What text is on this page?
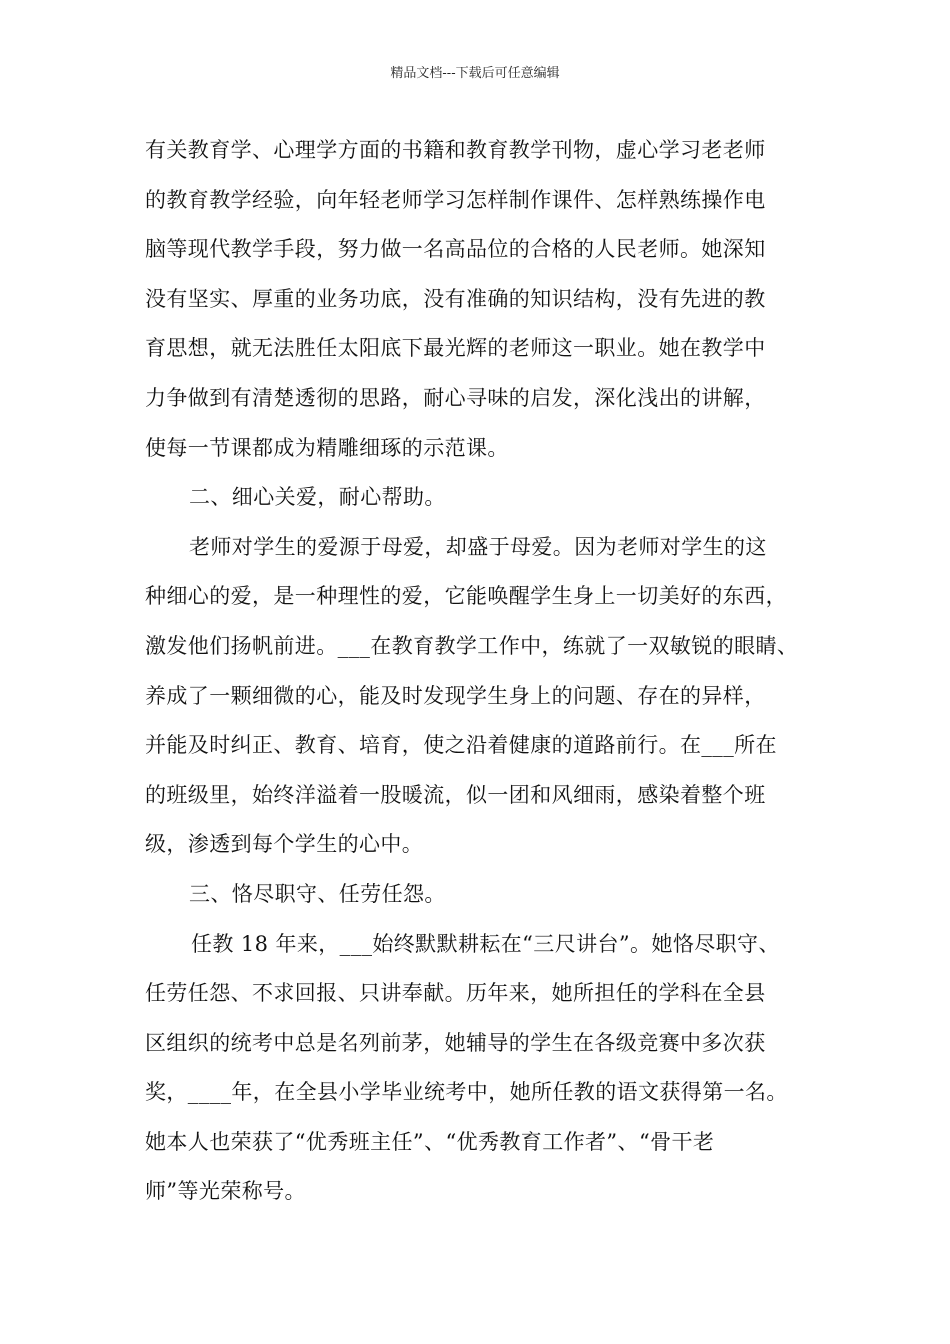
精品文档---下载后可任意编辑
有关教育学、心理学方面的书籍和教育教学刊物，虚心学习老老师
的教育教学经验，向年轻老师学习怎样制作课件、怎样熟练操作电
脑等现代教学手段，努力做一名高品位的合格的人民老师。她深知
没有坚实、厚重的业务功底，没有准确的知识结构，没有先进的教
育思想，就无法胜任太阳底下最光辉的老师这一职业。她在教学中
力争做到有清楚透彻的思路，耐心寻味的启发，深化浅出的讲解，
使每一节课都成为精雕细琢的示范课。
二、细心关爱，耐心帮助。
老师对学生的爱源于母爱，却盛于母爱。因为老师对学生的这
种细心的爱，是一种理性的爱，它能唤醒学生身上一切美好的东西，
激发他们扬帆前进。___在教育教学工作中，练就了一双敏锐的眼睛、
养成了一颗细微的心，能及时发现学生身上的问题、存在的异样，
并能及时纠正、教育、培育，使之沿着健康的道路前行。在___所在
的班级里，始终洋溢着一股暖流，似一团和风细雨，感染着整个班
级，渗透到每个学生的心中。
三、恪尽职守、任劳任怨。
任教 18 年来，___始终默默耕耘在“三尺讲台”。她恪尽职守、
任劳任怨、不求回报、只讲奉献。历年来，她所担任的学科在全县
区组织的统考中总是名列前茅，她辅导的学生在各级竞赛中多次获
奖，____年，在全县小学毕业统考中，她所任教的语文获得第一名。
她本人也荣获了“优秀班主任”、“优秀教育工作者”、“骨干老
师”等光荣称号。
